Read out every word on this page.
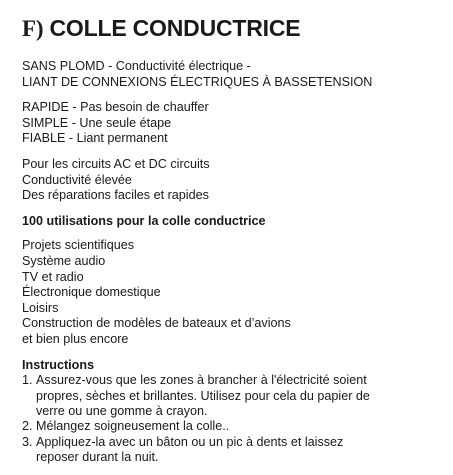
F) COLLE CONDUCTRICE
SANS PLOMD - Conductivité électrique -
LIANT DE CONNEXIONS ÉLECTRIQUES À BASSETENSION
RAPIDE - Pas besoin de chauffer
SIMPLE - Une seule étape
FIABLE - Liant permanent
Pour les circuits AC et DC circuits
Conductivité élevée
Des réparations faciles et rapides
100 utilisations pour la colle conductrice
Projets scientifiques
Système audio
TV et radio
Électronique domestique
Loisirs
Construction de modèles de bateaux et d’avions
et bien plus encore
Instructions
1. Assurez-vous que les zones à brancher à l'électricité soient
propres, sèches et brillantes. Utilisez pour cela du papier de
verre ou une gomme à crayon.
2. Mélangez soigneusement la colle..
3. Appliquez-la avec un bâton ou un pic à dents et laissez
reposer durant la nuit.
